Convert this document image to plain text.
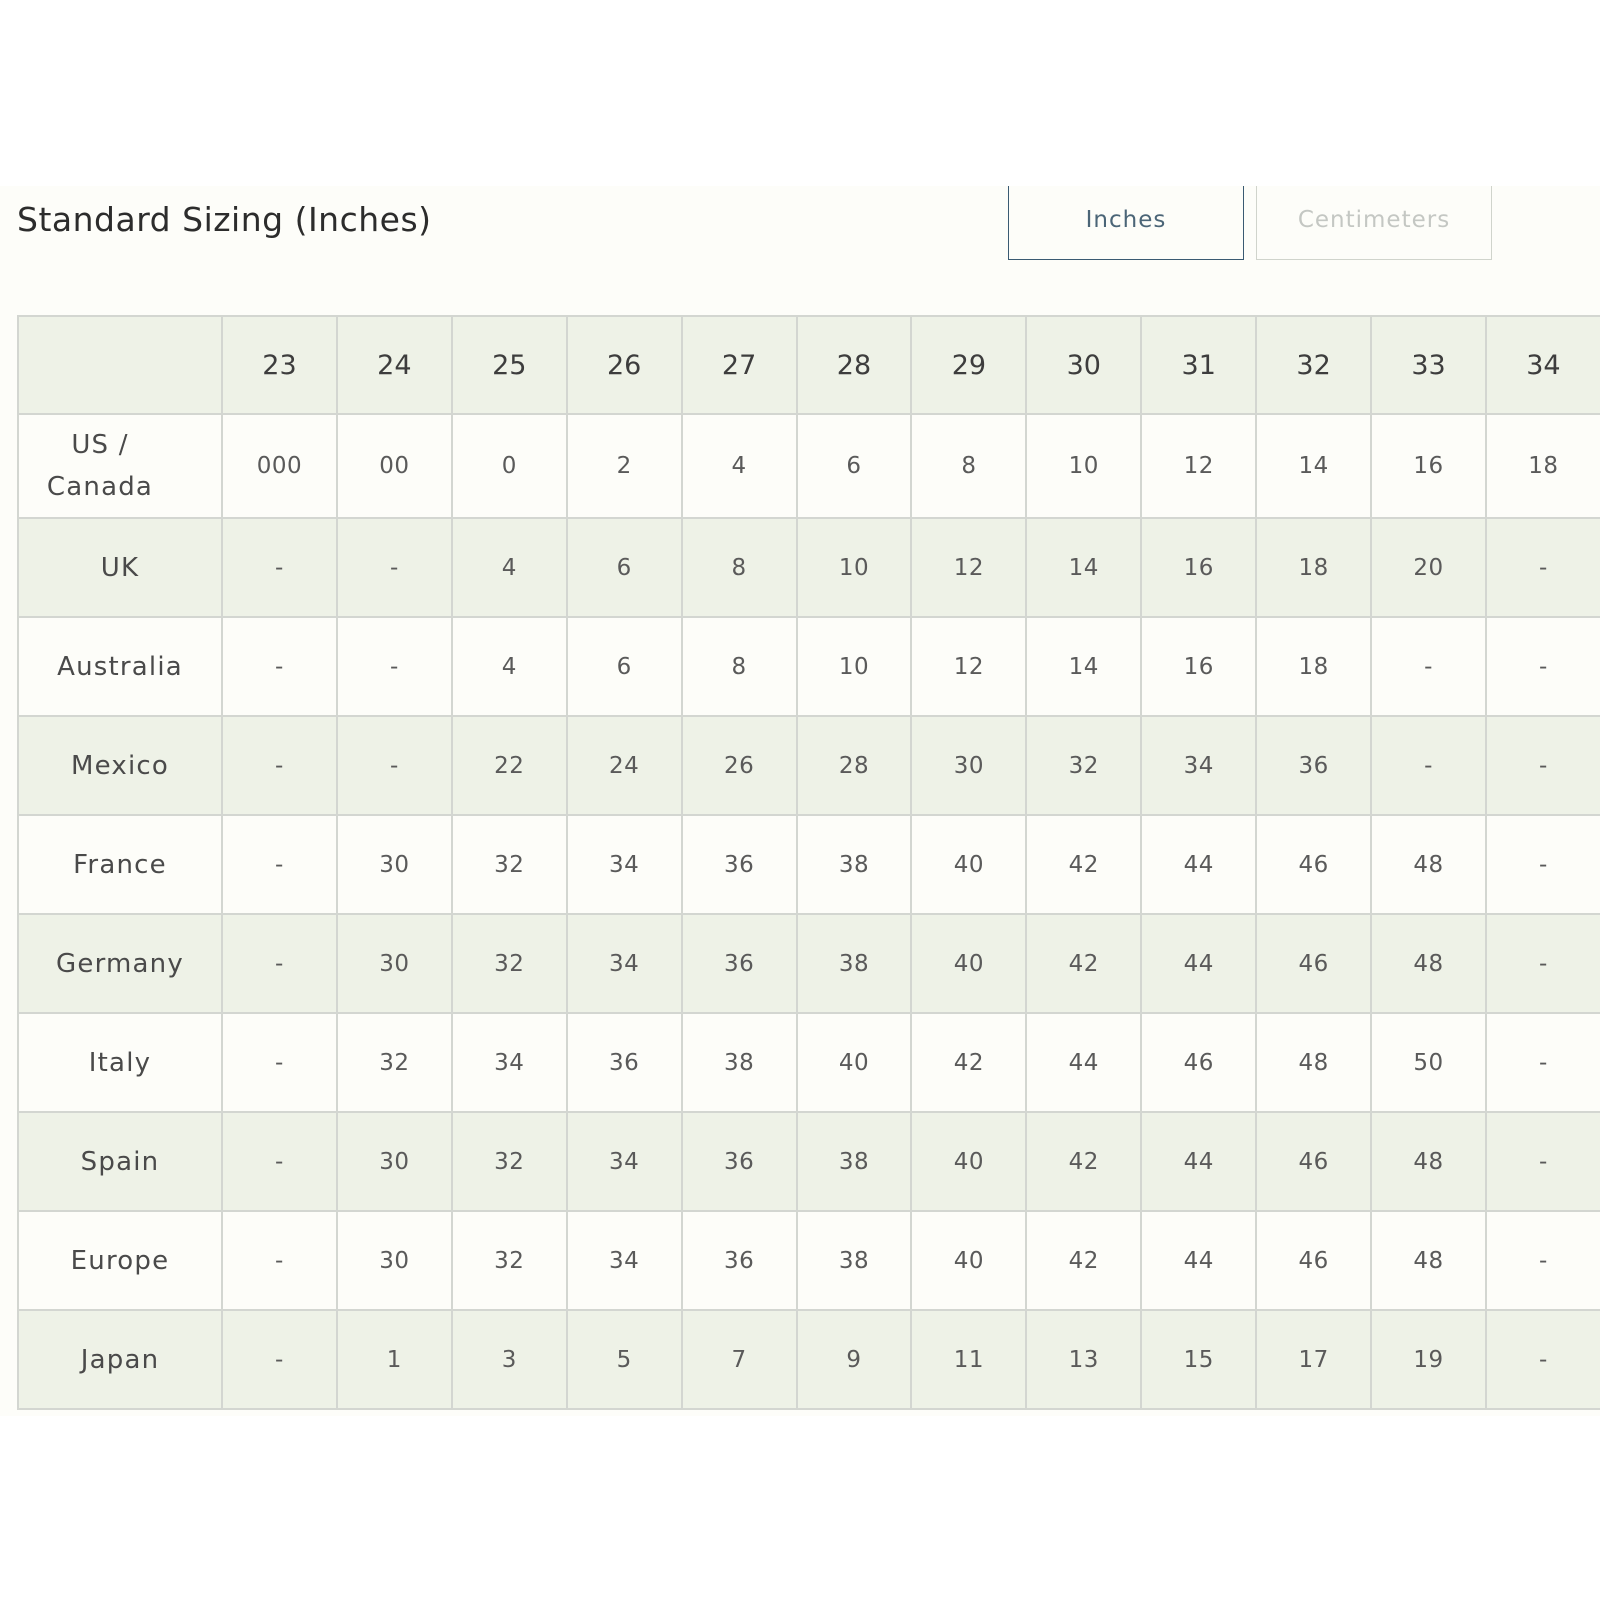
Standard Sizing (Inches)	Inches	Centimeters
	23	24	25	26	27	28	29	30	31	32	33	34
US / Canada	000	00	0	2	4	6	8	10	12	14	16	18
UK	-	-	4	6	8	10	12	14	16	18	20	-
Australia	-	-	4	6	8	10	12	14	16	18	-	-
Mexico	-	-	22	24	26	28	30	32	34	36	-	-
France	-	30	32	34	36	38	40	42	44	46	48	-
Germany	-	30	32	34	36	38	40	42	44	46	48	-
Italy	-	32	34	36	38	40	42	44	46	48	50	-
Spain	-	30	32	34	36	38	40	42	44	46	48	-
Europe	-	30	32	34	36	38	40	42	44	46	48	-
Japan	-	1	3	5	7	9	11	13	15	17	19	-
